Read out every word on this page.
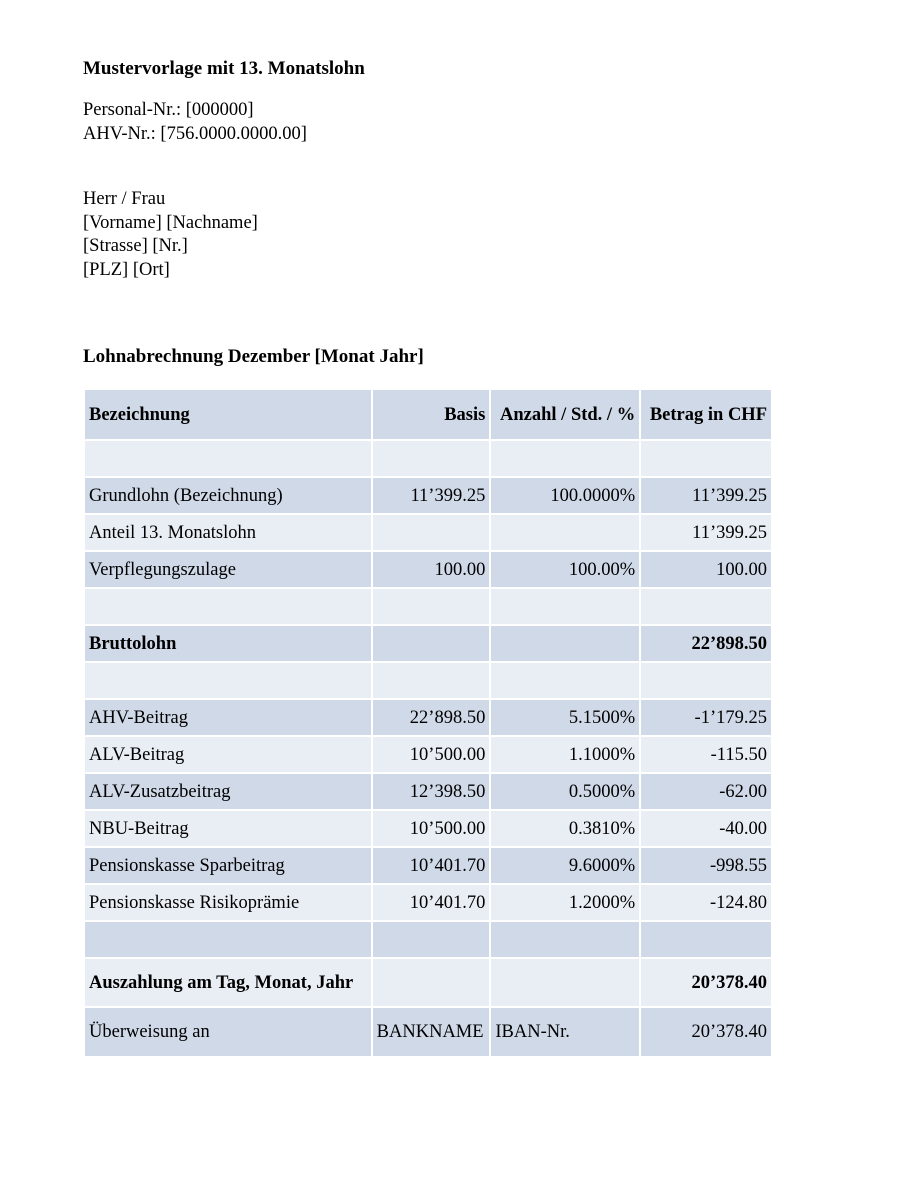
Mustervorlage mit 13. Monatslohn
Personal-Nr.: [000000]
AHV-Nr.: [756.0000.0000.00]
Herr / Frau
[Vorname] [Nachname]
[Strasse] [Nr.]
[PLZ] [Ort]
Lohnabrechnung Dezember [Monat Jahr]
Bezeichnung	Basis	Anzahl / Std. / %	Betrag in CHF

Grundlohn (Bezeichnung)	11’399.25	100.0000%	11’399.25
Anteil 13. Monatslohn			11’399.25
Verpflegungszulage	100.00	100.00%	100.00

Bruttolohn			22’898.50

AHV-Beitrag	22’898.50	5.1500%	-1’179.25
ALV-Beitrag	10’500.00	1.1000%	-115.50
ALV-Zusatzbeitrag	12’398.50	0.5000%	-62.00
NBU-Beitrag	10’500.00	0.3810%	-40.00
Pensionskasse Sparbeitrag	10’401.70	9.6000%	-998.55
Pensionskasse Risikoprämie	10’401.70	1.2000%	-124.80

Auszahlung am Tag, Monat, Jahr			20’378.40
Überweisung an	BANKNAME	IBAN-Nr.	20’378.40
